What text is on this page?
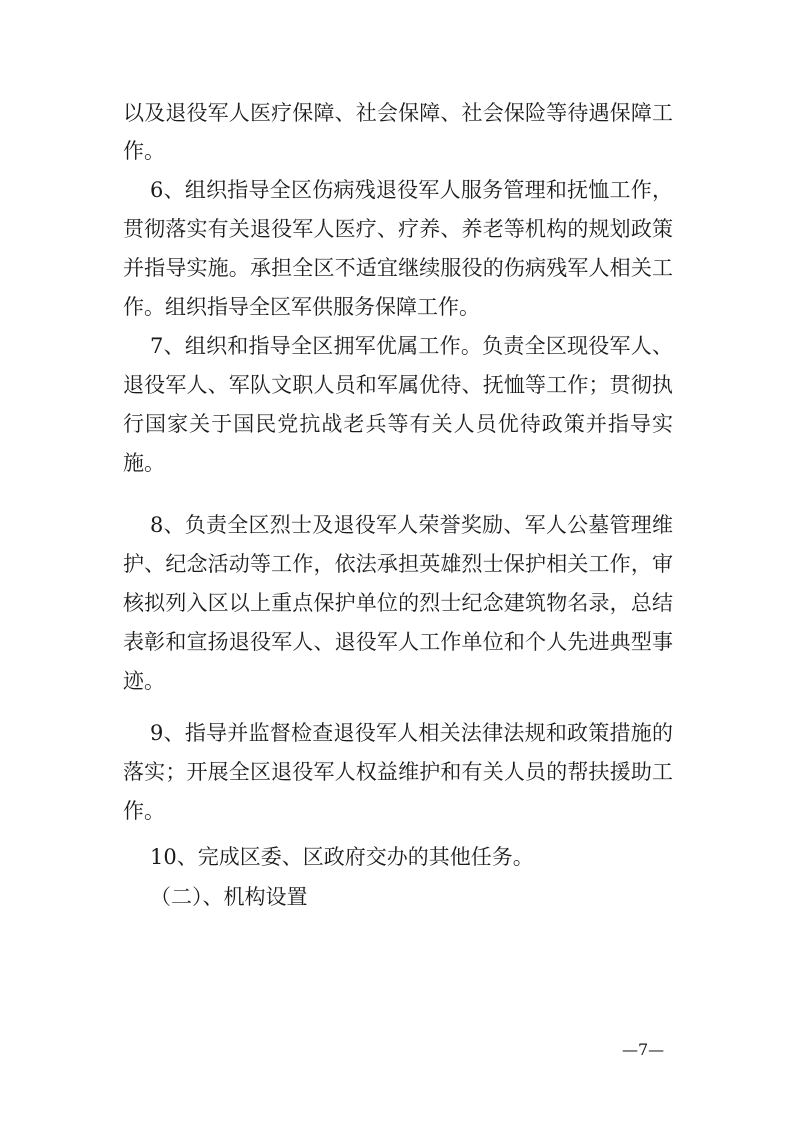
以及退役军人医疗保障、社会保障、社会保险等待遇保障工
作。
6、组织指导全区伤病残退役军人服务管理和抚恤工作，
贯彻落实有关退役军人医疗、疗养、养老等机构的规划政策
并指导实施。承担全区不适宜继续服役的伤病残军人相关工
作。组织指导全区军供服务保障工作。
7、组织和指导全区拥军优属工作。负责全区现役军人、
退役军人、军队文职人员和军属优待、抚恤等工作；贯彻执
行国家关于国民党抗战老兵等有关人员优待政策并指导实
施。
8、负责全区烈士及退役军人荣誉奖励、军人公墓管理维
护、纪念活动等工作，依法承担英雄烈士保护相关工作，审
核拟列入区以上重点保护单位的烈士纪念建筑物名录，总结
表彰和宣扬退役军人、退役军人工作单位和个人先进典型事
迹。
9、指导并监督检查退役军人相关法律法规和政策措施的
落实；开展全区退役军人权益维护和有关人员的帮扶援助工
作。
10、完成区委、区政府交办的其他任务。
（二）、机构设置
—7—
